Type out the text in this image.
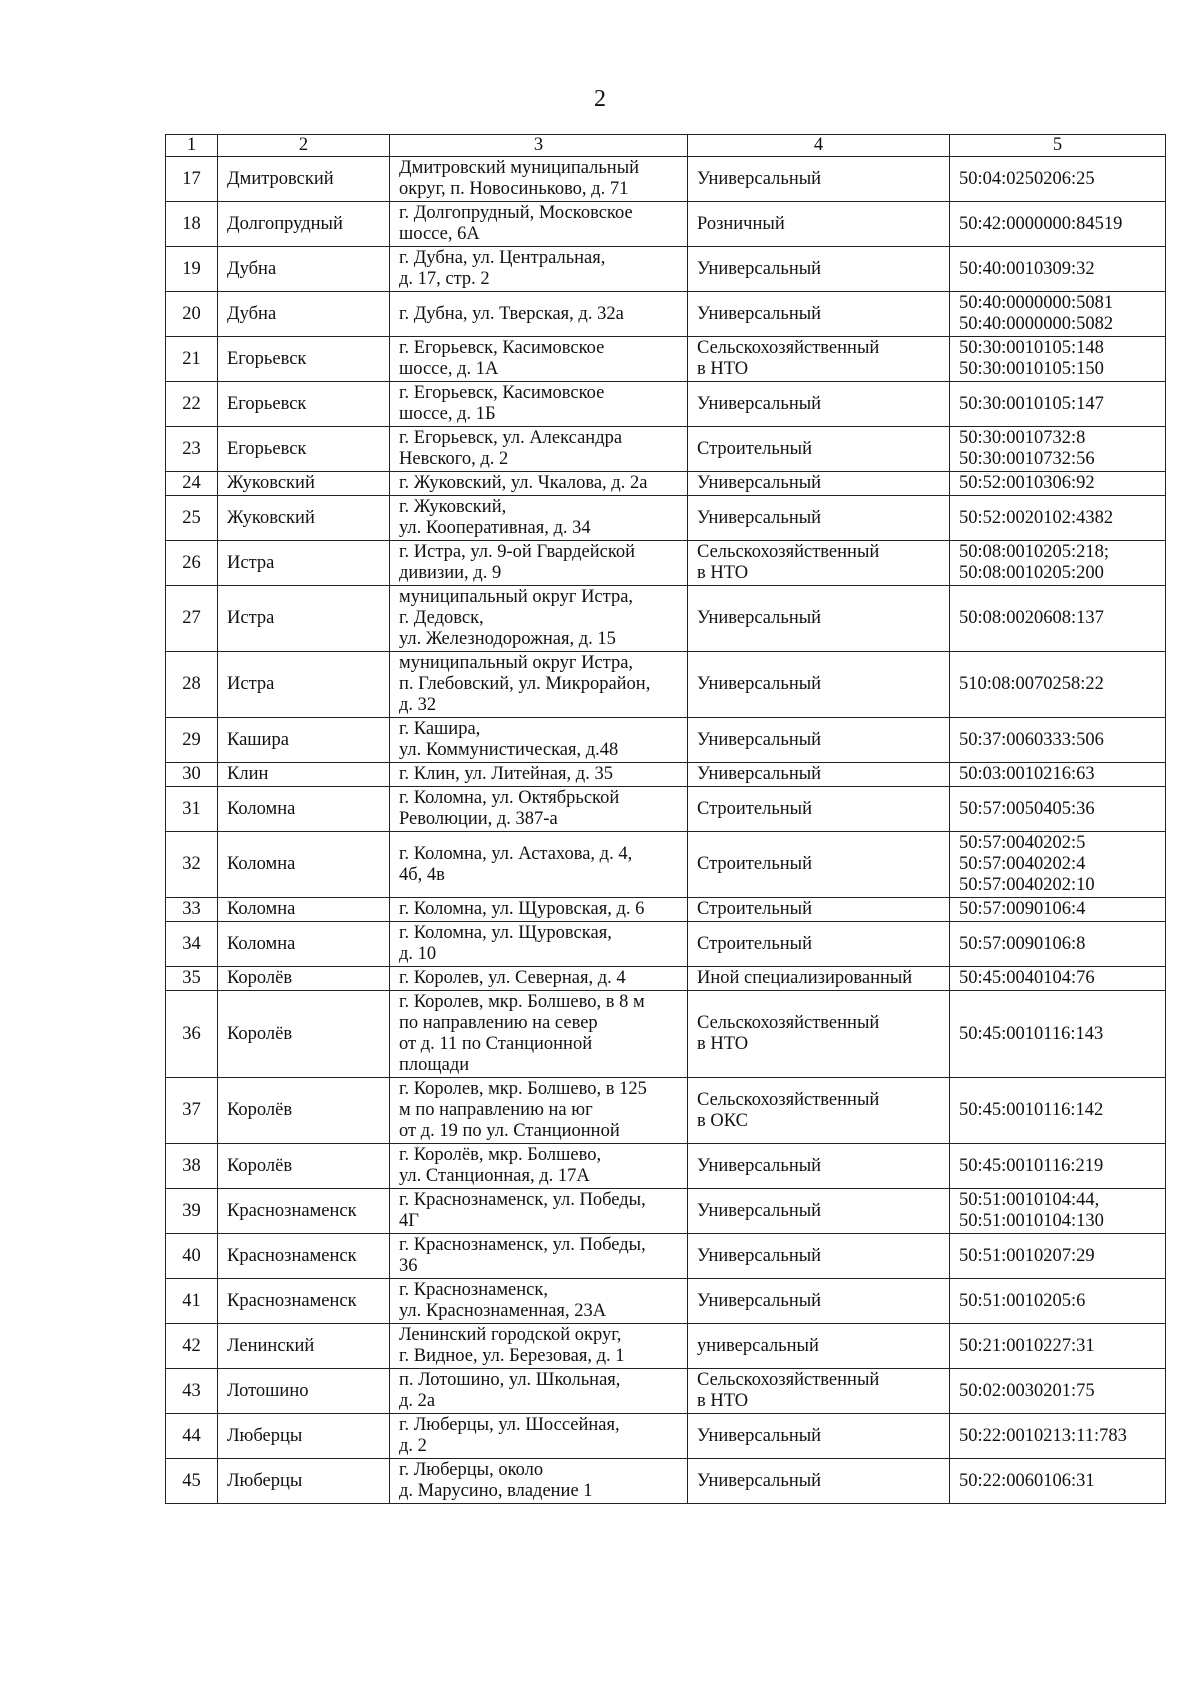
2
1	2	3	4	5
17	Дмитровский	Дмитровский муниципальный
округ, п. Новосиньково, д. 71	Универсальный	50:04:0250206:25

18	Долгопрудный	г. Долгопрудный, Московское
шоссе, 6А	Розничный	50:42:0000000:84519

19	Дубна	г. Дубна, ул. Центральная,
д. 17, стр. 2	Универсальный	50:40:0010309:32

20	Дубна	г. Дубна, ул. Тверская, д. 32а	Универсальный	50:40:0000000:5081
50:40:0000000:5082

21	Егорьевск	г. Егорьевск, Касимовское
шоссе, д. 1А	Сельскохозяйственный
в НТО	50:30:0010105:148
50:30:0010105:150

22	Егорьевск	г. Егорьевск, Касимовское
шоссе, д. 1Б	Универсальный	50:30:0010105:147

23	Егорьевск	г. Егорьевск, ул. Александра
Невского, д. 2	Строительный	50:30:0010732:8
50:30:0010732:56

24	Жуковский	г. Жуковский, ул. Чкалова, д. 2а	Универсальный	50:52:0010306:92

25	Жуковский	г. Жуковский,
ул. Кооперативная, д. 34	Универсальный	50:52:0020102:4382

26	Истра	г. Истра, ул. 9-ой Гвардейской
дивизии, д. 9	Сельскохозяйственный
в НТО	50:08:0010205:218;
50:08:0010205:200

27	Истра	муниципальный округ Истра,
г. Дедовск,
ул. Железнодорожная, д. 15	Универсальный	50:08:0020608:137

28	Истра	муниципальный округ Истра,
п. Глебовский, ул. Микрорайон,
д. 32	Универсальный	510:08:0070258:22

29	Кашира	г. Кашира,
ул. Коммунистическая, д.48	Универсальный	50:37:0060333:506

30	Клин	г. Клин, ул. Литейная, д. 35	Универсальный	50:03:0010216:63

31	Коломна	г. Коломна, ул. Октябрьской
Революции, д. 387-а	Строительный	50:57:0050405:36

32	Коломна	г. Коломна, ул. Астахова, д. 4,
4б, 4в	Строительный	50:57:0040202:5
50:57:0040202:4
50:57:0040202:10

33	Коломна	г. Коломна, ул. Щуровская, д. 6	Строительный	50:57:0090106:4

34	Коломна	г. Коломна, ул. Щуровская,
д. 10	Строительный	50:57:0090106:8

35	Королёв	г. Королев, ул. Северная, д. 4	Иной специализированный	50:45:0040104:76

36	Королёв	г. Королев, мкр. Болшево, в 8 м
по направлению на север
от д. 11 по Станционной
площади	Сельскохозяйственный
в НТО	50:45:0010116:143

37	Королёв	г. Королев, мкр. Болшево, в 125
м по направлению на юг
от д. 19 по ул. Станционной	Сельскохозяйственный
в ОКС	50:45:0010116:142

38	Королёв	г. Королёв, мкр. Болшево,
ул. Станционная, д. 17А	Универсальный	50:45:0010116:219

39	Краснознаменск	г. Краснознаменск, ул. Победы,
4Г	Универсальный	50:51:0010104:44,
50:51:0010104:130

40	Краснознаменск	г. Краснознаменск, ул. Победы,
36	Универсальный	50:51:0010207:29

41	Краснознаменск	г. Краснознаменск,
ул. Краснознаменная, 23А	Универсальный	50:51:0010205:6

42	Ленинский	Ленинский городской округ,
г. Видное, ул. Березовая, д. 1	универсальный	50:21:0010227:31

43	Лотошино	п. Лотошино, ул. Школьная,
д. 2а	Сельскохозяйственный
в НТО	50:02:0030201:75

44	Люберцы	г. Люберцы, ул. Шоссейная,
д. 2	Универсальный	50:22:0010213:11:783

45	Люберцы	г. Люберцы, около
д. Марусино, владение 1	Универсальный	50:22:0060106:31
